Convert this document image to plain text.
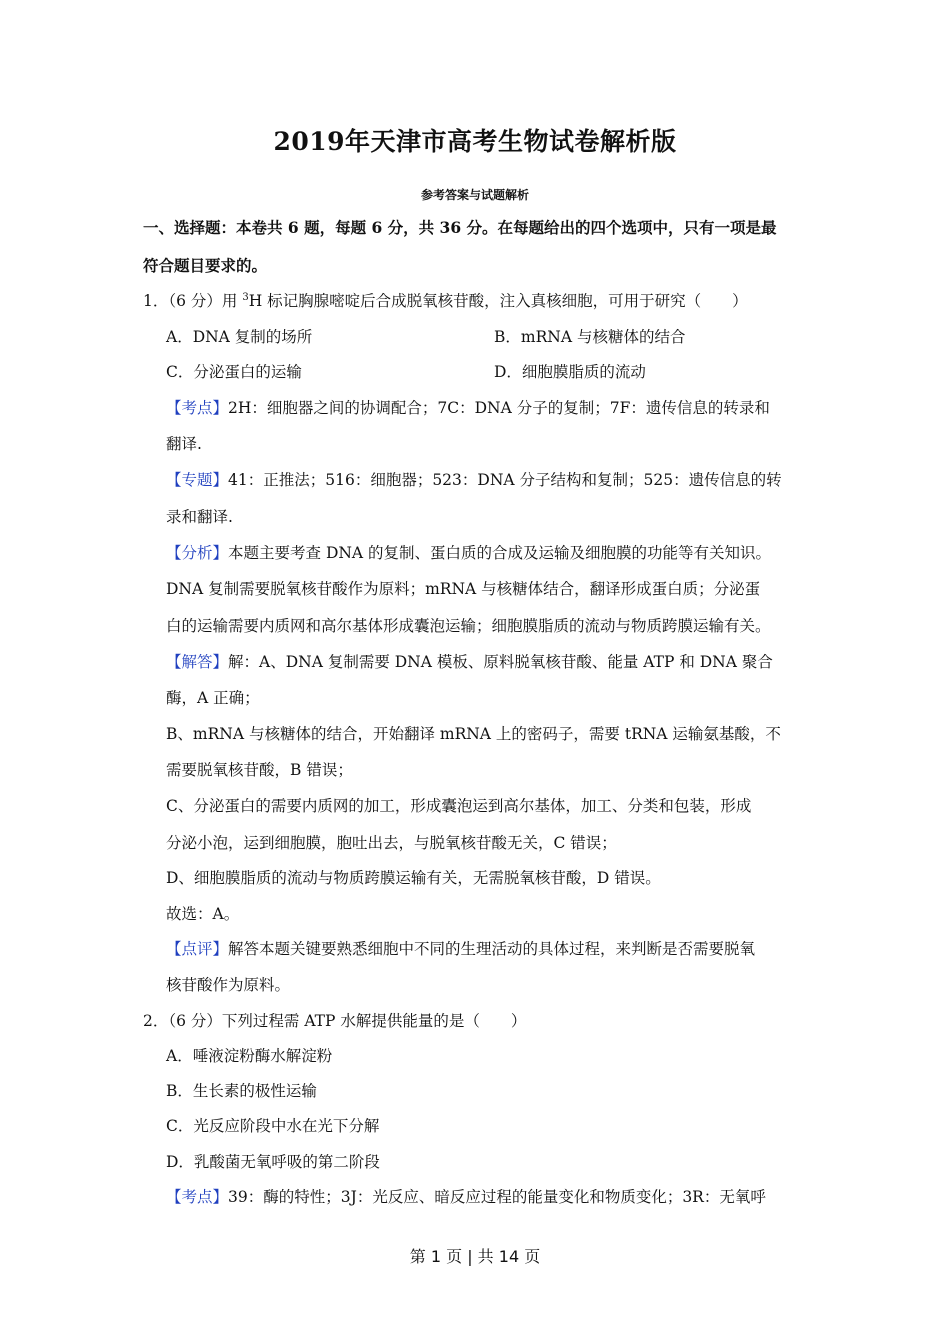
2019年天津市高考生物试卷解析版
参考答案与试题解析
一、选择题：本卷共 6 题，每题 6 分，共 36 分。在每题给出的四个选项中，只有一项是最
符合题目要求的。
1．（6 分）用 $^3$H 标记胸腺嘧啶后合成脱氧核苷酸，注入真核细胞，可用于研究（　　）
A．DNA 复制的场所	B．mRNA 与核糖体的结合
C．分泌蛋白的运输	D．细胞膜脂质的流动
【考点】2H：细胞器之间的协调配合；7C：DNA 分子的复制；7F：遗传信息的转录和
翻译.
【专题】41：正推法；516：细胞器；523：DNA 分子结构和复制；525：遗传信息的转
录和翻译.
【分析】本题主要考查 DNA 的复制、蛋白质的合成及运输及细胞膜的功能等有关知识。
DNA 复制需要脱氧核苷酸作为原料；mRNA 与核糖体结合，翻译形成蛋白质；分泌蛋
白的运输需要内质网和高尔基体形成囊泡运输；细胞膜脂质的流动与物质跨膜运输有关。
【解答】解：A、DNA 复制需要 DNA 模板、原料脱氧核苷酸、能量 ATP 和 DNA 聚合
酶，A 正确；
B、mRNA 与核糖体的结合，开始翻译 mRNA 上的密码子，需要 tRNA 运输氨基酸，不
需要脱氧核苷酸，B 错误；
C、分泌蛋白的需要内质网的加工，形成囊泡运到高尔基体，加工、分类和包装，形成
分泌小泡，运到细胞膜，胞吐出去，与脱氧核苷酸无关，C 错误；
D、细胞膜脂质的流动与物质跨膜运输有关，无需脱氧核苷酸，D 错误。
故选：A。
【点评】解答本题关键要熟悉细胞中不同的生理活动的具体过程，来判断是否需要脱氧
核苷酸作为原料。
2．（6 分）下列过程需 ATP 水解提供能量的是（　　）
A．唾液淀粉酶水解淀粉
B．生长素的极性运输
C．光反应阶段中水在光下分解
D．乳酸菌无氧呼吸的第二阶段
【考点】39：酶的特性；3J：光反应、暗反应过程的能量变化和物质变化；3R：无氧呼
第 1 页 | 共 14 页
